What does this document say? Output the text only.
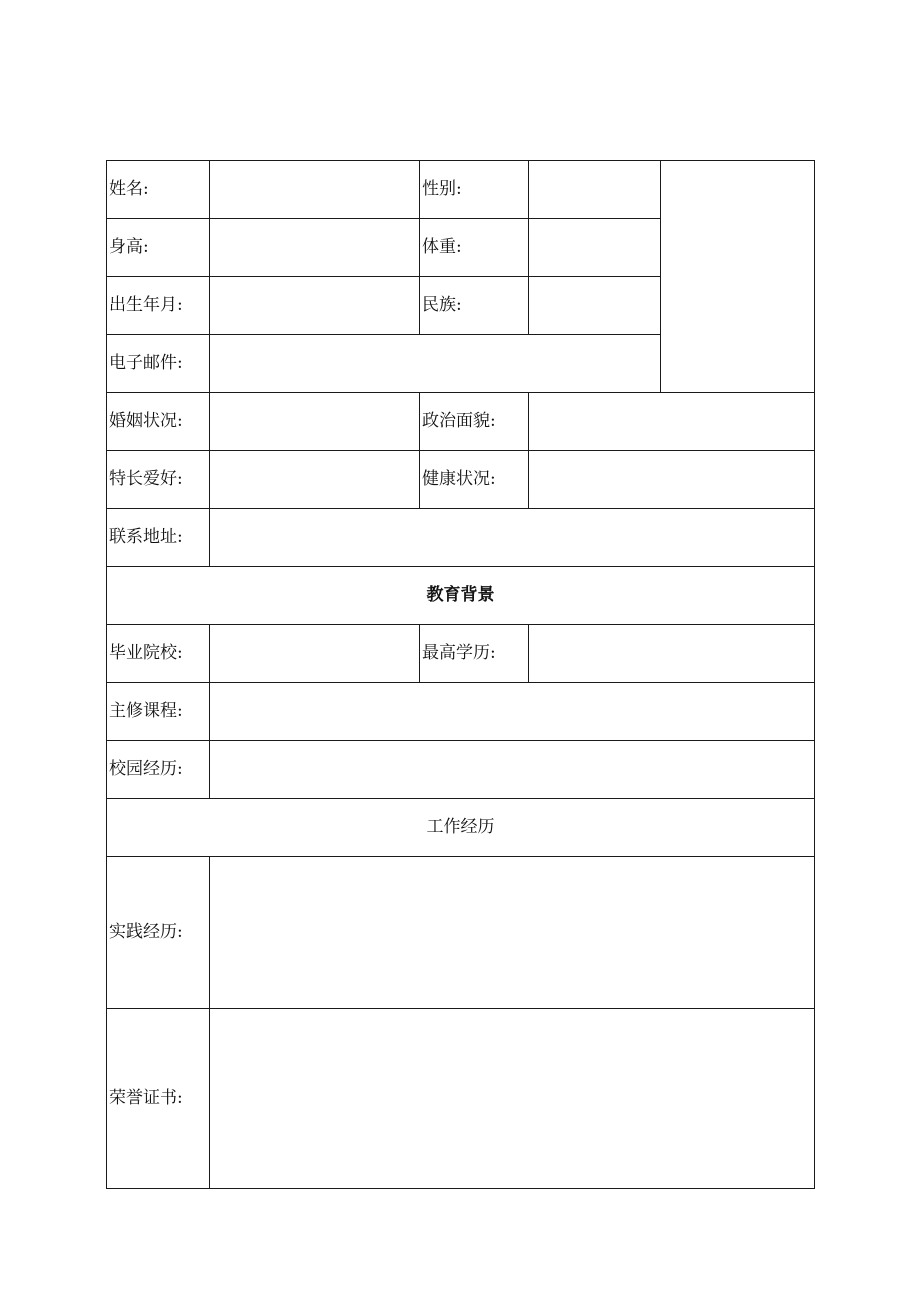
姓名:		性别:		
身高:		体重:		
出生年月:		民族:		
电子邮件:				
婚姻状况:		政治面貌:		
特长爱好:		健康状况:		
联系地址:				
教育背景				
毕业院校:		最高学历:		
主修课程:				
校园经历:				
工作经历				
实践经历:				
荣誉证书:				
